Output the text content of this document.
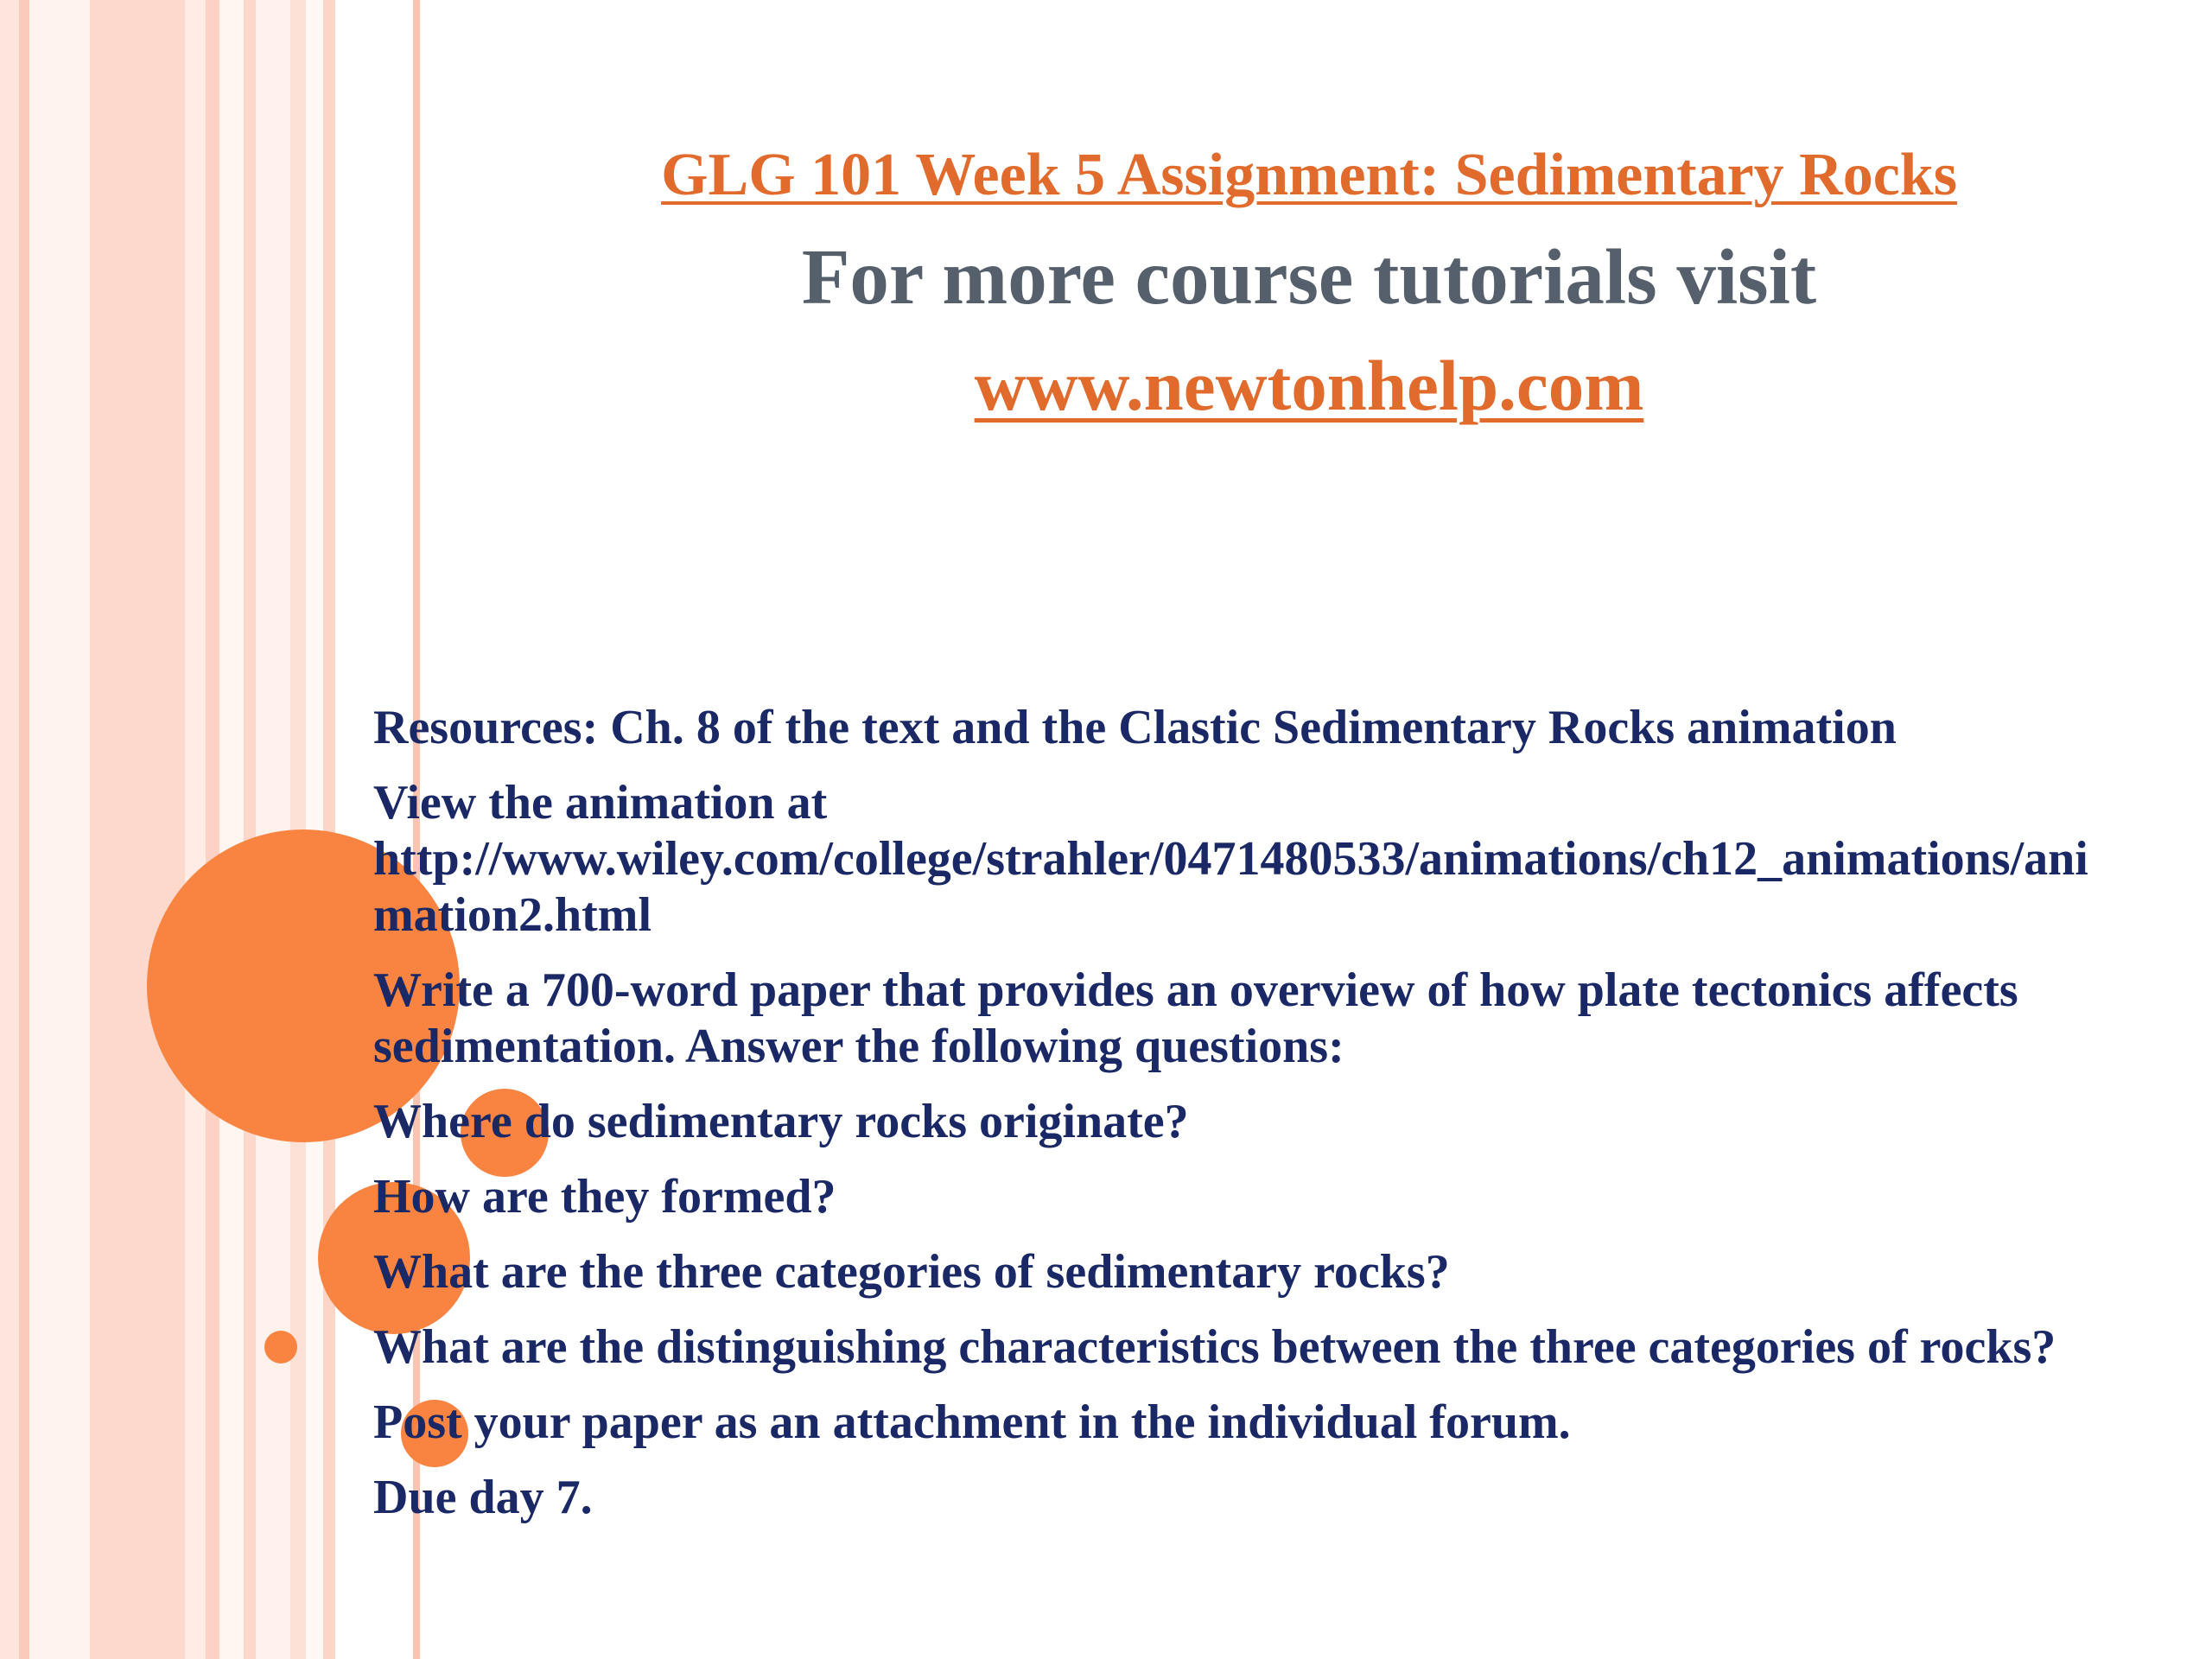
GLG 101 Week 5 Assignment: Sedimentary Rocks
For more course tutorials visit
www.newtonhelp.com

Resources: Ch. 8 of the text and the Clastic Sedimentary Rocks animation

View the animation at
http://www.wiley.com/college/strahler/0471480533/animations/ch12_animations/ani
mation2.html
Write a 700-word paper that provides an overview of how plate tectonics affects
sedimentation. Answer the following questions:

Where do sedimentary rocks originate?

How are they formed?

What are the three categories of sedimentary rocks?

What are the distinguishing characteristics between the three categories of rocks?

Post your paper as an attachment in the individual forum.

Due day 7.
